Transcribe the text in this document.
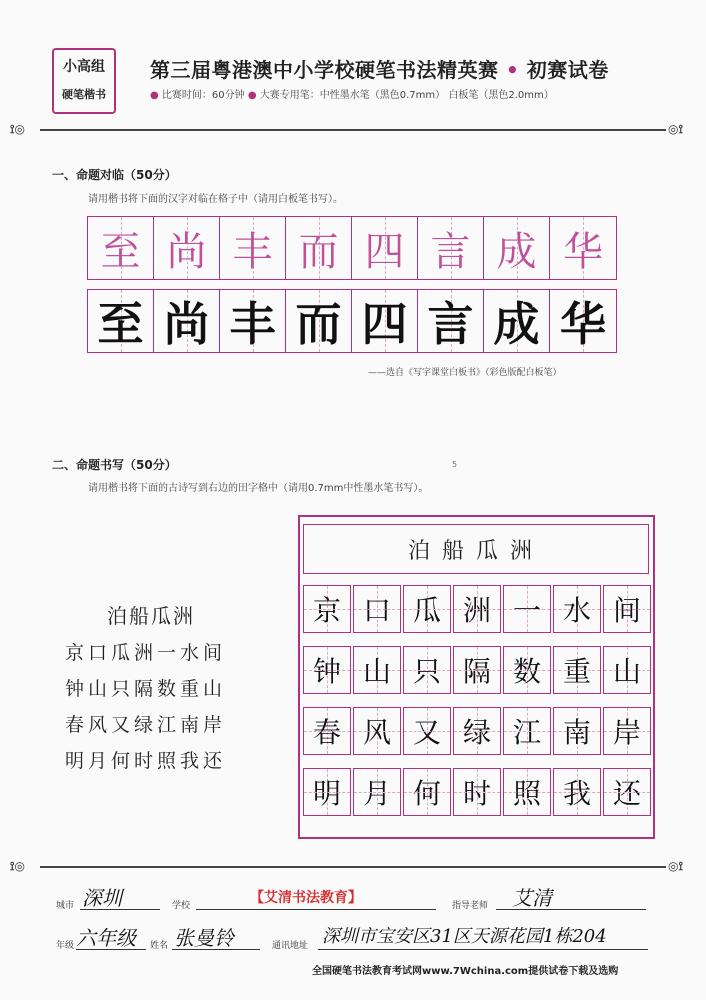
小高组
硬笔楷书
第三届粤港澳中小学校硬笔书法精英赛 • 初赛试卷
● 比赛时间：60分钟 ● 大赛专用笔：中性墨水笔（黑色0.7mm） 白板笔（黑色2.0mm）
⟟◎	◎⟟
一、命题对临（50分）
请用楷书将下面的汉字对临在格子中（请用白板笔书写）。
至 尚 丰 而 四 言 成 华
至 尚 丰 而 四 言 成 华
——选自《写字课堂白板书》（彩色版配白板笔）
二、命题书写（50分）	5
请用楷书将下面的古诗写到右边的田字格中（请用0.7mm中性墨水笔书写）。
泊船瓜洲
京口瓜洲一水间
钟山只隔数重山
春风又绿江南岸
明月何时照我还
泊船瓜洲
京 口 瓜 洲 一 水 间
钟 山 只 隔 数 重 山
春 风 又 绿 江 南 岸
明 月 何 时 照 我 还
⟟◎	◎⟟
城市 深圳	学校	【艾清书法教育】	指导老师 艾清
年级 六年级 姓名 张曼铃	通讯地址 深圳市宝安区31区天源花园1栋204
全国硬笔书法教育考试网www.7Wchina.com提供试卷下载及选购
